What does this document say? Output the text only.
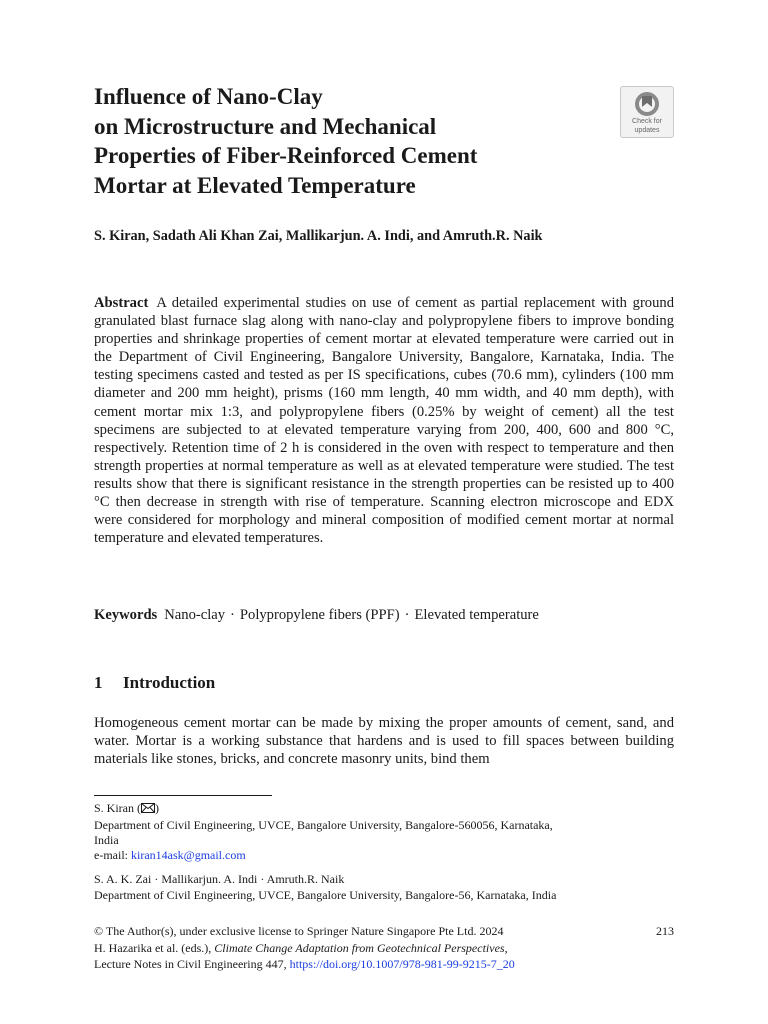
Influence of Nano-Clay
on Microstructure and Mechanical
Properties of Fiber-Reinforced Cement
Mortar at Elevated Temperature
Check for
updates
S. Kiran, Sadath Ali Khan Zai, Mallikarjun. A. Indi, and Amruth.R. Naik
Abstract A detailed experimental studies on use of cement as partial replacement with ground granulated blast furnace slag along with nano-clay and polypropylene fibers to improve bonding properties and shrinkage properties of cement mortar at elevated temperature were carried out in the Department of Civil Engineering, Bangalore University, Bangalore, Karnataka, India. The testing specimens casted and tested as per IS specifications, cubes (70.6 mm), cylinders (100 mm diameter and 200 mm height), prisms (160 mm length, 40 mm width, and 40 mm depth), with cement mortar mix 1:3, and polypropylene fibers (0.25% by weight of cement) all the test specimens are subjected to at elevated temperature varying from 200, 400, 600 and 800 °C, respectively. Retention time of 2 h is considered in the oven with respect to temperature and then strength properties at normal temperature as well as at elevated temperature were studied. The test results show that there is significant resistance in the strength properties can be resisted up to 400 °C then decrease in strength with rise of temperature. Scanning electron microscope and EDX were considered for morphology and mineral composition of modified cement mortar at normal temperature and elevated temperatures.
Keywords Nano-clay · Polypropylene fibers (PPF) · Elevated temperature
1 Introduction
Homogeneous cement mortar can be made by mixing the proper amounts of cement, sand, and water. Mortar is a working substance that hardens and is used to fill spaces between building materials like stones, bricks, and concrete masonry units, bind them
S. Kiran ( )
Department of Civil Engineering, UVCE, Bangalore University, Bangalore-560056, Karnataka,
India
e-mail: kiran14ask@gmail.com
S. A. K. Zai · Mallikarjun. A. Indi · Amruth.R. Naik
Department of Civil Engineering, UVCE, Bangalore University, Bangalore-56, Karnataka, India
© The Author(s), under exclusive license to Springer Nature Singapore Pte Ltd. 2024
H. Hazarika et al. (eds.), Climate Change Adaptation from Geotechnical Perspectives,
Lecture Notes in Civil Engineering 447, https://doi.org/10.1007/978-981-99-9215-7_20
213
